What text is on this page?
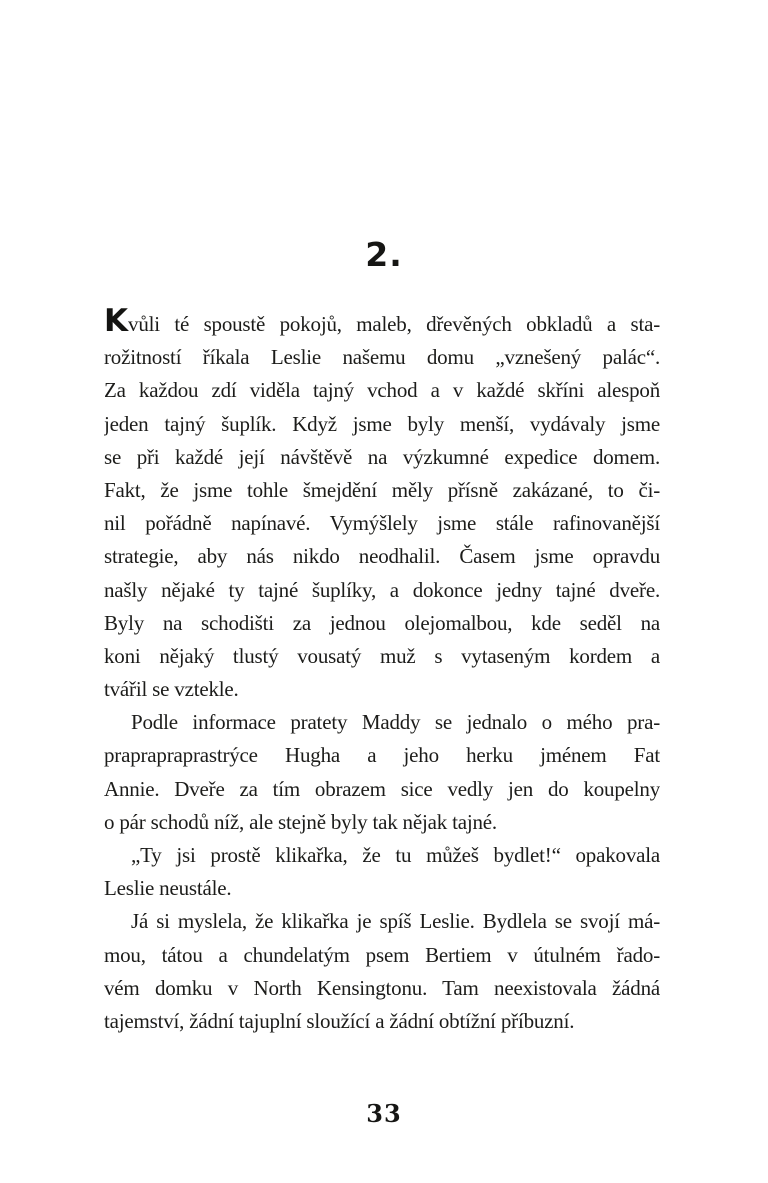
2.
Kvůli té spoustě pokojů, maleb, dřevěných obkladů a sta-
rožitností říkala Leslie našemu domu „vznešený palác“.
Za každou zdí viděla tajný vchod a v každé skříni alespoň
jeden tajný šuplík. Když jsme byly menší, vydávaly jsme
se při každé její návštěvě na výzkumné expedice domem.
Fakt, že jsme tohle šmejdění měly přísně zakázané, to či-
nil pořádně napínavé. Vymýšlely jsme stále rafinovanější
strategie, aby nás nikdo neodhalil. Časem jsme opravdu
našly nějaké ty tajné šuplíky, a dokonce jedny tajné dveře.
Byly na schodišti za jednou olejomalbou, kde seděl na
koni nějaký tlustý vousatý muž s vytaseným kordem a
tvářil se vztekle.
Podle informace pratety Maddy se jednalo o mého pra-
praprapraprastrýce Hugha a jeho herku jménem Fat
Annie. Dveře za tím obrazem sice vedly jen do koupelny
o pár schodů níž, ale stejně byly tak nějak tajné.
„Ty jsi prostě klikařka, že tu můžeš bydlet!“ opakovala
Leslie neustále.
Já si myslela, že klikařka je spíš Leslie. Bydlela se svojí má-
mou, tátou a chundelatým psem Bertiem v útulném řado-
vém domku v North Kensingtonu. Tam neexistovala žádná
tajemství, žádní tajuplní sloužící a žádní obtížní příbuzní.
33
